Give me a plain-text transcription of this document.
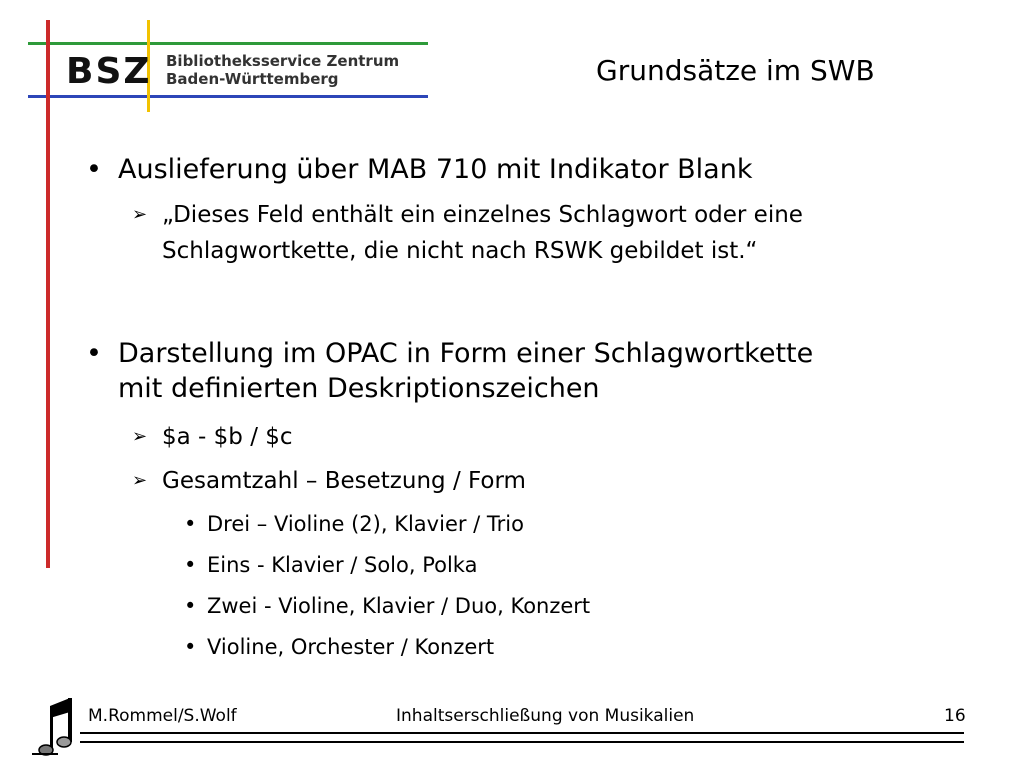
BSZ Bibliotheksservice Zentrum
Baden-Württemberg	Grundsätze im SWB
• Auslieferung über MAB 710 mit Indikator Blank
➢ „Dieses Feld enthält ein einzelnes Schlagwort oder eine
Schlagwortkette, die nicht nach RSWK gebildet ist.“
• Darstellung im OPAC in Form einer Schlagwortkette
mit definierten Deskriptionszeichen
➢ $a - $b / $c
➢ Gesamtzahl – Besetzung / Form
• Drei – Violine (2), Klavier / Trio
• Eins - Klavier / Solo, Polka
• Zwei - Violine, Klavier / Duo, Konzert
• Violine, Orchester / Konzert
M.Rommel/S.Wolf	Inhaltserschließung von Musikalien	16
